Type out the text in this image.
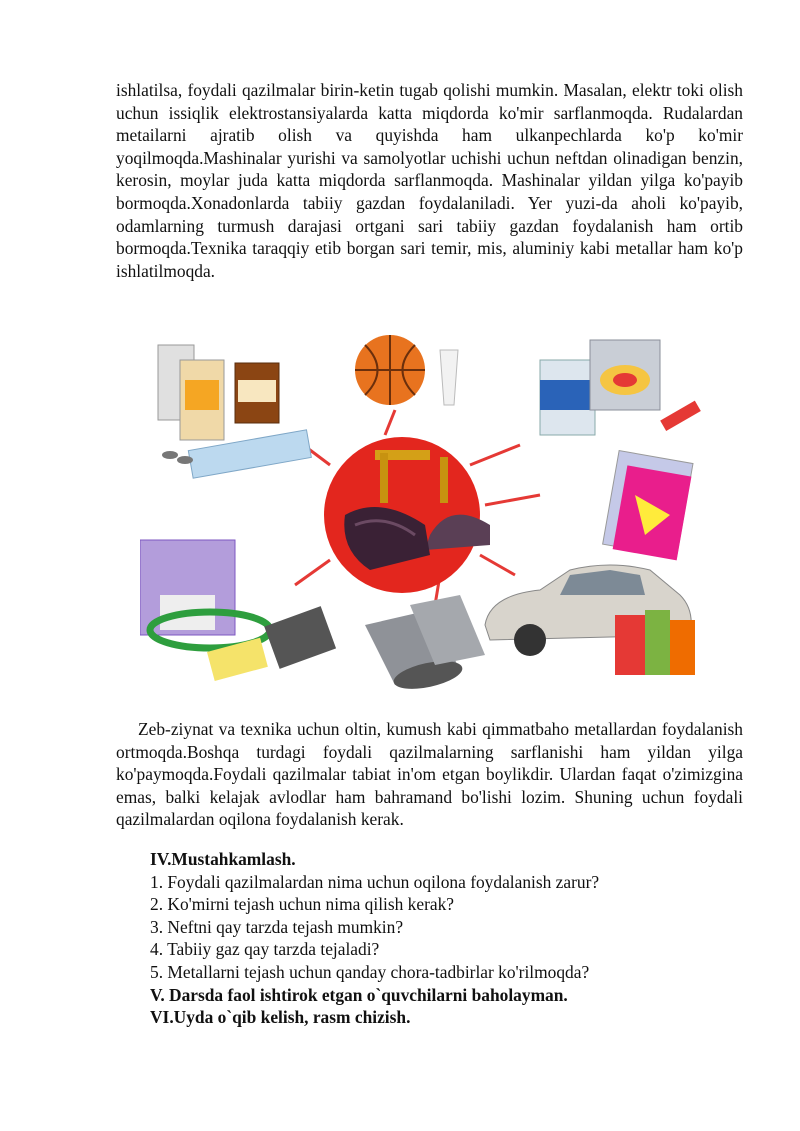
ishlatilsa, foydali qazilmalar birin-ketin tugab qolishi mumkin. Masalan, elektr toki olish uchun issiqlik elektrostansiyalarda katta miqdorda ko'mir sarflanmoqda. Rudalardan metailarni ajratib olish va quyishda ham ulkanpechlarda ko'p ko'mir yoqilmoqda.Mashinalar yurishi va samolyotlar uchishi uchun neftdan olinadigan benzin, kerosin, moylar juda katta miqdorda sarflanmoqda. Mashinalar yildan yilga ko'payib bormoqda.Xonadonlarda tabiiy gazdan foydalaniladi. Yer yuzi-da aholi ko'payib, odamlarning turmush darajasi ortgani sari tabiiy gazdan foydalanish ham ortib bormoqda.Texnika taraqqiy etib borgan sari temir, mis, aluminiy kabi metallar ham ko'p ishlatilmoqda.

Zeb-ziynat va texnika uchun oltin, kumush kabi qimmatbaho metallardan foydalanish ortmoqda.Boshqa turdagi foydali qazilmalarning sarflanishi ham yildan yilga ko'paymoqda.Foydali qazilmalar tabiat in'om etgan boylikdir. Ulardan faqat o'zimizgina emas, balki kelajak avlodlar ham bahramand bo'lishi lozim. Shuning uchun foydali qazilmalardan oqilona foydalanish kerak.

IV.Mustahkamlash.
1. Foydali qazilmalardan nima uchun oqilona foydalanish zarur?
2. Ko'mirni tejash uchun nima qilish kerak?
3. Neftni qay tarzda tejash mumkin?
4. Tabiiy gaz qay tarzda tejaladi?
5. Metallarni tejash uchun qanday chora-tadbirlar ko'rilmoqda?
V. Darsda faol ishtirok etgan o`quvchilarni baholayman.
VI.Uyda o`qib kelish, rasm chizish.
